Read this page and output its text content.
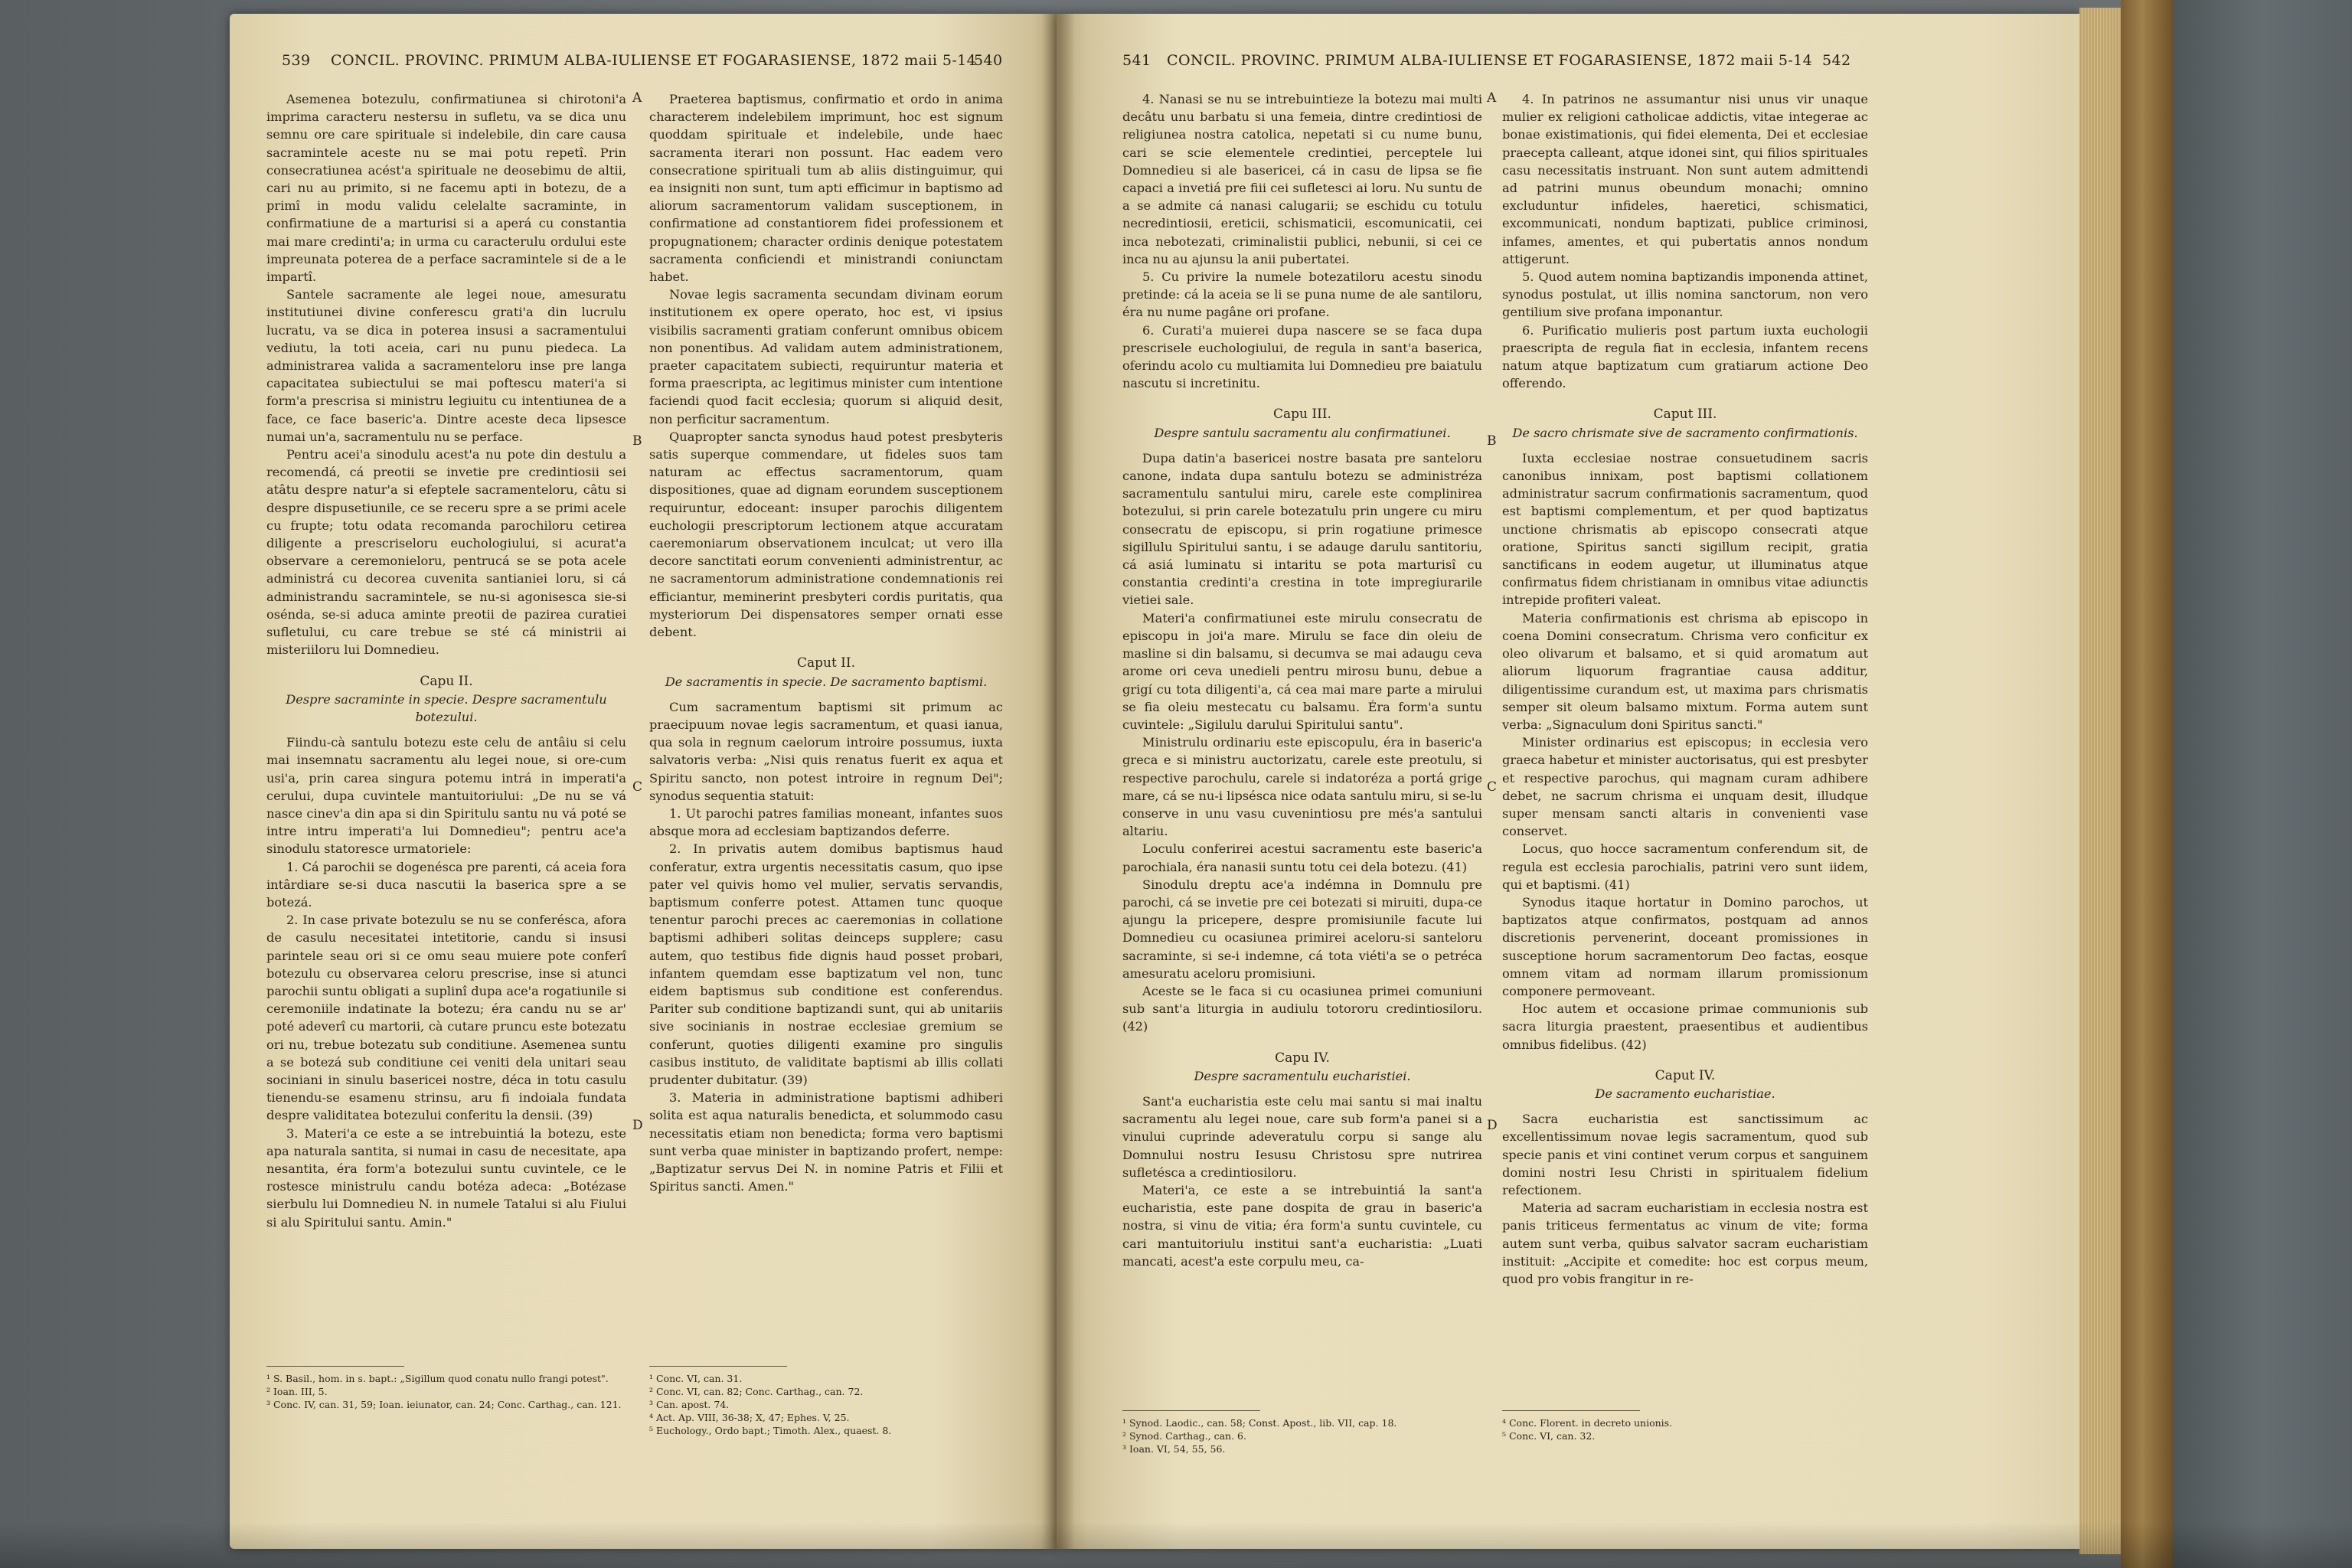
539 CONCIL. PROVINC. PRIMUM ALBA-IULIENSE ET FOGARASIENSE, 1872 maii 5-14
540	541 CONCIL. PROVINC. PRIMUM ALBA-IULIENSE ET FOGARASIENSE, 1872 maii 5-14 542

Asemenea botezulu, confirmatiunea si chirotoni'a imprima caracteru nestersu in sufletu, va se dica unu semnu ore care spirituale si indelebile, din care causa sacramintele aceste nu se mai potu repetî. Prin consecratiunea acést'a spirituale ne deosebimu de altii, cari nu au primito, si ne facemu apti in botezu, de a primî in modu validu celelalte sacraminte, in confirmatiune de a marturisi si a aperá cu constantia mai mare credinti'a; in urma cu caracterulu ordului este impreunata poterea de a perface sacramintele si de a le impartî.

Santele sacramente ale legei noue, amesuratu institutiunei divine conferescu grati'a din lucrulu lucratu, va se dica in poterea insusi a sacramentului vediutu, la toti aceia, cari nu punu piedeca. La administrarea valida a sacramenteloru inse pre langa capacitatea subiectului se mai poftescu materi'a si form'a prescrisa si ministru legiuitu cu intentiunea de a face, ce face baseric'a. Dintre aceste deca lipsesce numai un'a, sacramentulu nu se perface.

Pentru acei'a sinodulu acest'a nu pote din destulu a recomendá, cá preotii se invetie pre credintiosii sei atâtu despre natur'a si efeptele sacramenteloru, câtu si despre dispusetiunile, ce se receru spre a se primi acele cu frupte; totu odata recomanda parochiloru cetirea diligente a prescriseloru euchologiului, si acurat'a observare a ceremonieloru, pentrucá se se pota acele administrá cu decorea cuvenita santianiei loru, si cá administrandu sacramintele, se nu-si agonisesca sie-si osénda, se-si aduca aminte preotii de pazirea curatiei sufletului, cu care trebue se sté cá ministrii ai misteriiloru lui Domnedieu.

Capu II.

Despre sacraminte in specie. Despre sacramentulu botezului.

Fiindu-cà santulu botezu este celu de antâiu si celu mai insemnatu sacramentu alu legei noue, si ore-cum usi'a, prin carea singura potemu intrá in imperati'a cerului, dupa cuvintele mantuitoriului: „De nu se vá nasce cinev'a din apa si din Spiritulu santu nu vá poté se intre intru imperati'a lui Domnedieu"; pentru ace'a sinodulu statoresce urmatoriele:

1. Cá parochii se dogenésca pre parenti, cá aceia fora intârdiare se-si duca nascutii la baserica spre a se botezá.

2. In case private botezulu se nu se conferésca, afora de casulu necesitatei intetitorie, candu si insusi parintele seau ori si ce omu seau muiere pote conferî botezulu cu observarea celoru prescrise, inse si atunci parochii suntu obligati a suplinî dupa ace'a rogatiunile si ceremoniile indatinate la botezu; éra candu nu se ar' poté adeverî cu martorii, cà cutare pruncu este botezatu ori nu, trebue botezatu sub conditiune. Asemenea suntu a se botezá sub conditiune cei veniti dela unitari seau sociniani in sinulu basericei nostre, déca in totu casulu tienendu-se esamenu strinsu, aru fi indoiala fundata despre validitatea botezului conferitu la densii. (39)

3. Materi'a ce este a se intrebuintiá la botezu, este apa naturala santita, si numai in casu de necesitate, apa nesantita, éra form'a botezului suntu cuvintele, ce le rostesce ministrulu candu botéza adeca: „Botézase sierbulu lui Domnedieu N. in numele Tatalui si alu Fiului si alu Spiritului santu. Amin."

Praeterea baptismus, confirmatio et ordo in anima characterem indelebilem imprimunt, hoc est signum quoddam spirituale et indelebile, unde haec sacramenta iterari non possunt. Hac eadem vero consecratione spirituali tum ab aliis distinguimur, qui ea insigniti non sunt, tum apti efficimur in baptismo ad aliorum sacramentorum validam susceptionem, in confirmatione ad constantiorem fidei professionem et propugnationem; character ordinis denique potestatem sacramenta conficiendi et ministrandi coniunctam habet.

Novae legis sacramenta secundam divinam eorum institutionem ex opere operato, hoc est, vi ipsius visibilis sacramenti gratiam conferunt omnibus obicem non ponentibus. Ad validam autem administrationem, praeter capacitatem subiecti, requiruntur materia et forma praescripta, ac legitimus minister cum intentione faciendi quod facit ecclesia; quorum si aliquid desit, non perficitur sacramentum.

Quapropter sancta synodus haud potest presbyteris satis superque commendare, ut fideles suos tam naturam ac effectus sacramentorum, quam dispositiones, quae ad dignam eorundem susceptionem requiruntur, edoceant: insuper parochis diligentem euchologii prescriptorum lectionem atque accuratam caeremoniarum observationem inculcat; ut vero illa decore sanctitati eorum convenienti administrentur, ac ne sacramentorum administratione condemnationis rei efficiantur, meminerint presbyteri cordis puritatis, qua mysteriorum Dei dispensatores semper ornati esse debent.

Caput II.

De sacramentis in specie. De sacramento baptismi.

Cum sacramentum baptismi sit primum ac praecipuum novae legis sacramentum, et quasi ianua, qua sola in regnum caelorum introire possumus, iuxta salvatoris verba: „Nisi quis renatus fuerit ex aqua et Spiritu sancto, non potest introire in regnum Dei"; synodus sequentia statuit:

1. Ut parochi patres familias moneant, infantes suos absque mora ad ecclesiam baptizandos deferre.

2. In privatis autem domibus baptismus haud conferatur, extra urgentis necessitatis casum, quo ipse pater vel quivis homo vel mulier, servatis servandis, baptismum conferre potest. Attamen tunc quoque tenentur parochi preces ac caeremonias in collatione baptismi adhiberi solitas deinceps supplere; casu autem, quo testibus fide dignis haud posset probari, infantem quemdam esse baptizatum vel non, tunc eidem baptismus sub conditione est conferendus. Pariter sub conditione baptizandi sunt, qui ab unitariis sive socinianis in nostrae ecclesiae gremium se conferunt, quoties diligenti examine pro singulis casibus instituto, de validitate baptismi ab illis collati prudenter dubitatur. (39)

3. Materia in administratione baptismi adhiberi solita est aqua naturalis benedicta, et solummodo casu necessitatis etiam non benedicta; forma vero baptismi sunt verba quae minister in baptizando profert, nempe: „Baptizatur servus Dei N. in nomine Patris et Filii et Spiritus sancti. Amen."

A
B
C
D
¹ S. Basil., hom. in s. bapt.: „Sigillum quod conatu nullo frangi potest".
² Ioan. III, 5.
³ Conc. IV, can. 31, 59; Ioan. ieiunator, can. 24; Conc. Carthag., can. 121.
¹ Conc. VI, can. 31.
² Conc. VI, can. 82; Conc. Carthag., can. 72.
³ Can. apost. 74.
⁴ Act. Ap. VIII, 36-38; X, 47; Ephes. V, 25.
⁵ Euchology., Ordo bapt.; Timoth. Alex., quaest. 8.

4. Nanasi se nu se intrebuintieze la botezu mai multi decâtu unu barbatu si una femeia, dintre credintiosi de religiunea nostra catolica, nepetati si cu nume bunu, cari se scie elementele credintiei, perceptele lui Domnedieu si ale basericei, cá in casu de lipsa se fie capaci a invetiá pre fiii cei sufletesci ai loru. Nu suntu de a se admite cá nanasi calugarii; se eschidu cu totulu necredintiosii, ereticii, schismaticii, escomunicatii, cei inca nebotezati, criminalistii publici, nebunii, si cei ce inca nu au ajunsu la anii pubertatei.

5. Cu privire la numele botezatiloru acestu sinodu pretinde: cá la aceia se li se puna nume de ale santiloru, éra nu nume pagâne ori profane.

6. Curati'a muierei dupa nascere se se faca dupa prescrisele euchologiului, de regula in sant'a baserica, oferindu acolo cu multiamita lui Domnedieu pre baiatulu nascutu si incretinitu.

Capu III.

Despre santulu sacramentu alu confirmatiunei.

Dupa datin'a basericei nostre basata pre santeloru canone, indata dupa santulu botezu se administréza sacramentulu santului miru, carele este complinirea botezului, si prin carele botezatulu prin ungere cu miru consecratu de episcopu, si prin rogatiune primesce sigillulu Spiritului santu, i se adauge darulu santitoriu, cá asiá luminatu si intaritu se pota marturisî cu constantia credinti'a crestina in tote impregiurarile vietiei sale.

Materi'a confirmatiunei este mirulu consecratu de episcopu in joi'a mare. Mirulu se face din oleiu de masline si din balsamu, si decumva se mai adaugu ceva arome ori ceva unedieli pentru mirosu bunu, debue a grigí cu tota diligenti'a, cá cea mai mare parte a mirului se fia oleiu mestecatu cu balsamu. Éra form'a suntu cuvintele: „Sigilulu darului Spiritului santu".

Ministrulu ordinariu este episcopulu, éra in baseric'a greca e si ministru auctorizatu, carele este preotulu, si respective parochulu, carele si indatoréza a portá grige mare, cá se nu-i lipsésca nice odata santulu miru, si se-lu conserve in unu vasu cuvenintiosu pre més'a santului altariu.

Loculu conferirei acestui sacramentu este baseric'a parochiala, éra nanasii suntu totu cei dela botezu. (41)

Sinodulu dreptu ace'a indémna in Domnulu pre parochi, cá se invetie pre cei botezati si miruiti, dupa-ce ajungu la pricepere, despre promisiunile facute lui Domnedieu cu ocasiunea primirei aceloru-si santeloru sacraminte, si se-i indemne, cá tota viéti'a se o petréca amesuratu aceloru promisiuni.

Aceste se le faca si cu ocasiunea primei comuniuni sub sant'a liturgia in audiulu totororu credintiosiloru. (42)

Capu IV.

Despre sacramentulu eucharistiei.

Sant'a eucharistia este celu mai santu si mai inaltu sacramentu alu legei noue, care sub form'a panei si a vinului cuprinde adeveratulu corpu si sange alu Domnului nostru Iesusu Christosu spre nutrirea sufletésca a credintiosiloru.

Materi'a, ce este a se intrebuintiá la sant'a eucharistia, este pane dospita de grau in baseric'a nostra, si vinu de vitia; éra form'a suntu cuvintele, cu cari mantuitoriulu institui sant'a eucharistia: „Luati mancati, acest'a este corpulu meu, ca-

4. In patrinos ne assumantur nisi unus vir unaque mulier ex religioni catholicae addictis, vitae integerae ac bonae existimationis, qui fidei elementa, Dei et ecclesiae praecepta calleant, atque idonei sint, qui filios spirituales casu necessitatis instruant. Non sunt autem admittendi ad patrini munus obeundum monachi; omnino excluduntur infideles, haeretici, schismatici, excommunicati, nondum baptizati, publice criminosi, infames, amentes, et qui pubertatis annos nondum attigerunt.

5. Quod autem nomina baptizandis imponenda attinet, synodus postulat, ut illis nomina sanctorum, non vero gentilium sive profana imponantur.

6. Purificatio mulieris post partum iuxta euchologii praescripta de regula fiat in ecclesia, infantem recens natum atque baptizatum cum gratiarum actione Deo offerendo.

Caput III.

De sacro chrismate sive de sacramento confirmationis.

Iuxta ecclesiae nostrae consuetudinem sacris canonibus innixam, post baptismi collationem administratur sacrum confirmationis sacramentum, quod est baptismi complementum, et per quod baptizatus unctione chrismatis ab episcopo consecrati atque oratione, Spiritus sancti sigillum recipit, gratia sanctificans in eodem augetur, ut illuminatus atque confirmatus fidem christianam in omnibus vitae adiunctis intrepide profiteri valeat.

Materia confirmationis est chrisma ab episcopo in coena Domini consecratum. Chrisma vero conficitur ex oleo olivarum et balsamo, et si quid aromatum aut aliorum liquorum fragrantiae causa additur, diligentissime curandum est, ut maxima pars chrismatis semper sit oleum balsamo mixtum. Forma autem sunt verba: „Signaculum doni Spiritus sancti."

Minister ordinarius est episcopus; in ecclesia vero graeca habetur et minister auctorisatus, qui est presbyter et respective parochus, qui magnam curam adhibere debet, ne sacrum chrisma ei unquam desit, illudque super mensam sancti altaris in convenienti vase conservet.

Locus, quo hocce sacramentum conferendum sit, de regula est ecclesia parochialis, patrini vero sunt iidem, qui et baptismi. (41)

Synodus itaque hortatur in Domino parochos, ut baptizatos atque confirmatos, postquam ad annos discretionis pervenerint, doceant promissiones in susceptione horum sacramentorum Deo factas, eosque omnem vitam ad normam illarum promissionum componere permoveant.

Hoc autem et occasione primae communionis sub sacra liturgia praestent, praesentibus et audientibus omnibus fidelibus. (42)

Caput IV.

De sacramento eucharistiae.

Sacra eucharistia est sanctissimum ac excellentissimum novae legis sacramentum, quod sub specie panis et vini continet verum corpus et sanguinem domini nostri Iesu Christi in spiritualem fidelium refectionem.

Materia ad sacram eucharistiam in ecclesia nostra est panis triticeus fermentatus ac vinum de vite; forma autem sunt verba, quibus salvator sacram eucharistiam instituit: „Accipite et comedite: hoc est corpus meum, quod pro vobis frangitur in re-

A
B
C
D
¹ Synod. Laodic., can. 58; Const. Apost., lib. VII, cap. 18.
² Synod. Carthag., can. 6.
³ Ioan. VI, 54, 55, 56.
⁴ Conc. Florent. in decreto unionis.
⁵ Conc. VI, can. 32.
